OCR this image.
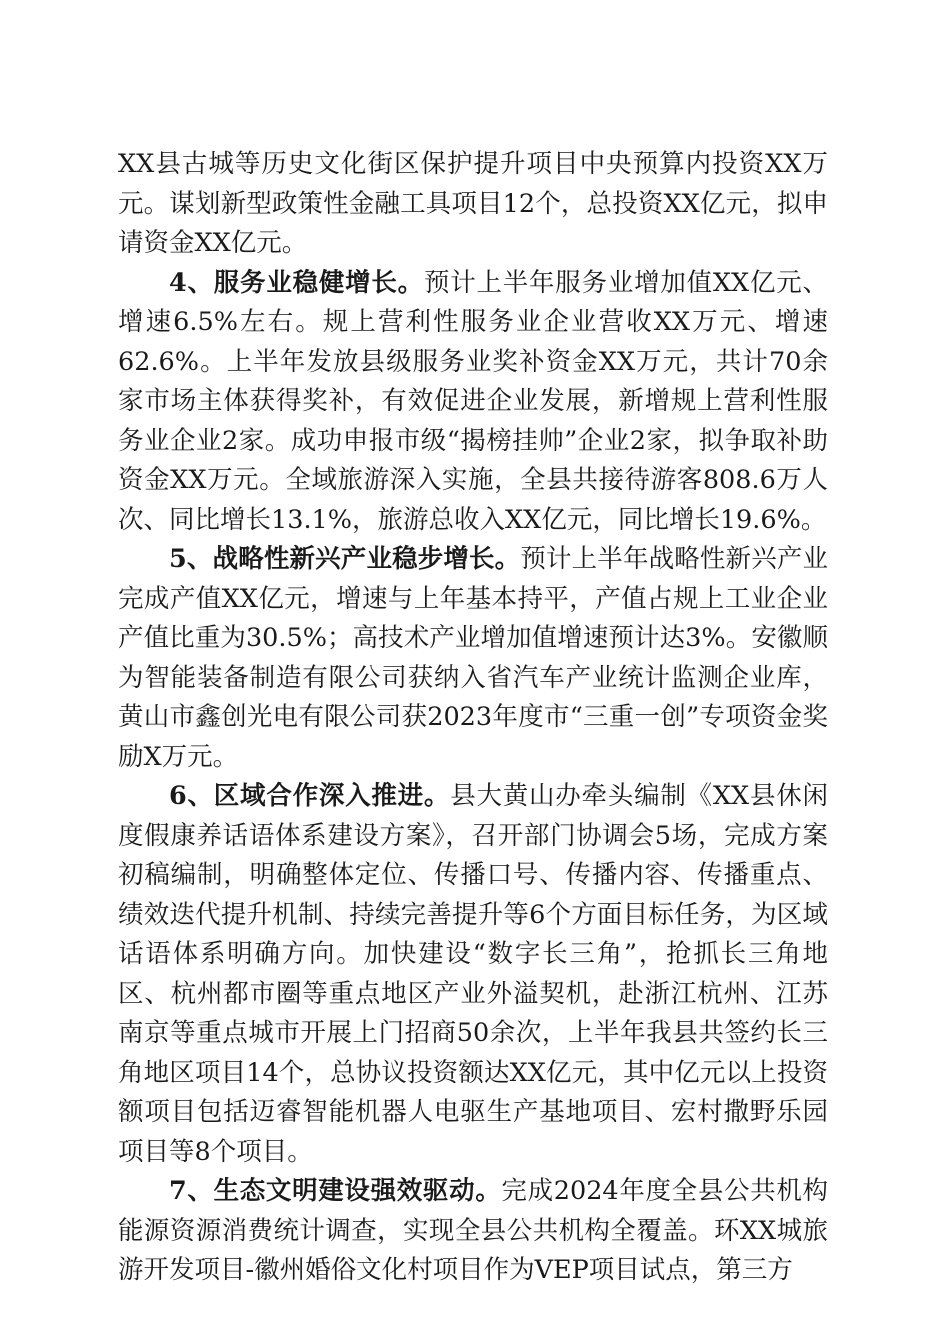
XX县古城等历史文化街区保护提升项目中央预算内投资XX万元。谋划新型政策性金融工具项目12个，总投资XX亿元，拟申请资金XX亿元。

4、服务业稳健增长。预计上半年服务业增加值XX亿元、增速6.5%左右。规上营利性服务业企业营收XX万元、增速62.6%。上半年发放县级服务业奖补资金XX万元，共计70余家市场主体获得奖补，有效促进企业发展，新增规上营利性服务业企业2家。成功申报市级“揭榜挂帅”企业2家，拟争取补助资金XX万元。全域旅游深入实施，全县共接待游客808.6万人次、同比增长13.1%，旅游总收入XX亿元，同比增长19.6%。

5、战略性新兴产业稳步增长。预计上半年战略性新兴产业完成产值XX亿元，增速与上年基本持平，产值占规上工业企业产值比重为30.5%；高技术产业增加值增速预计达3%。安徽顺为智能装备制造有限公司获纳入省汽车产业统计监测企业库，黄山市鑫创光电有限公司获2023年度市“三重一创”专项资金奖励X万元。

6、区域合作深入推进。县大黄山办牵头编制《XX县休闲度假康养话语体系建设方案》，召开部门协调会5场，完成方案初稿编制，明确整体定位、传播口号、传播内容、传播重点、绩效迭代提升机制、持续完善提升等6个方面目标任务，为区域话语体系明确方向。加快建设“数字长三角”，抢抓长三角地区、杭州都市圈等重点地区产业外溢契机，赴浙江杭州、江苏南京等重点城市开展上门招商50余次，上半年我县共签约长三角地区项目14个，总协议投资额达XX亿元，其中亿元以上投资额项目包括迈睿智能机器人电驱生产基地项目、宏村撒野乐园项目等8个项目。

7、生态文明建设强效驱动。完成2024年度全县公共机构能源资源消费统计调查，实现全县公共机构全覆盖。环XX城旅游开发项目-徽州婚俗文化村项目作为VEP项目试点，第三方
